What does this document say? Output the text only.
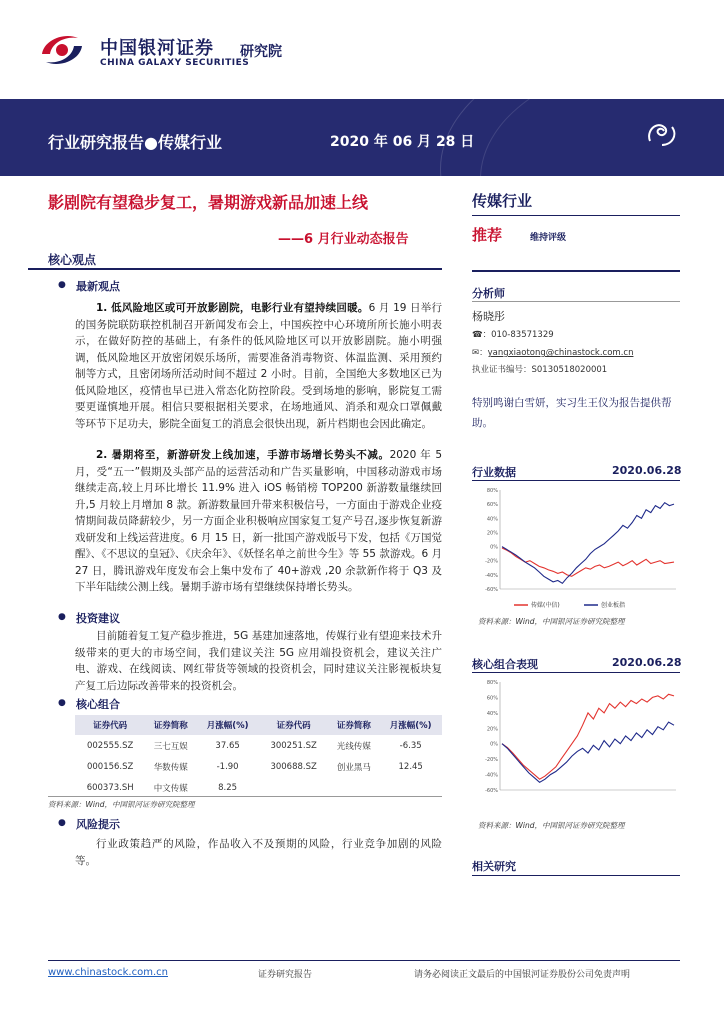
中国银河证券
CHINA GALAXY SECURITIES
研究院
行业研究报告●传媒行业	2020 年 06 月 28 日
影剧院有望稳步复工，暑期游戏新品加速上线
——6 月行业动态报告
核心观点
● 最新观点
1. 低风险地区或可开放影剧院，电影行业有望持续回暖。6 月 19 日举行的国务院联防联控机制召开新闻发布会上，中国疾控中心环境所所长施小明表示，在做好防控的基础上，有条件的低风险地区可以开放影剧院。施小明强调，低风险地区开放密闭娱乐场所，需要准备消毒物资、体温监测、采用预约制等方式，且密闭场所活动时间不超过 2 小时。目前，全国绝大多数地区已为低风险地区，疫情也早已进入常态化防控阶段。受到场地的影响，影院复工需要更谨慎地开展。相信只要根据相关要求，在场地通风、消杀和观众口罩佩戴等环节下足功夫，影院全面复工的消息会很快出现，新片档期也会因此确定。
2. 暑期将至，新游研发上线加速，手游市场增长势头不减。2020 年 5 月，受“五一”假期及头部产品的运营活动和广告买量影响，中国移动游戏市场继续走高,较上月环比增长 11.9% 进入 iOS 畅销榜 TOP200 新游数量继续回升,5 月较上月增加 8 款。新游数量回升带来积极信号，一方面由于游戏企业疫情期间裁员降薪较少，另一方面企业积极响应国家复工复产号召,逐步恢复新游戏研发和上线运营进度。6 月 15 日，新一批国产游戏版号下发，包括《万国觉醒》、《不思议的皇冠》、《庆余年》、《妖怪名单之前世今生》等 55 款游戏。6 月 27 日，腾讯游戏年度发布会上集中发布了 40+游戏 ,20 余款新作将于 Q3 及下半年陆续公测上线。暑期手游市场有望继续保持增长势头。
● 投资建议
目前随着复工复产稳步推进，5G 基建加速落地，传媒行业有望迎来技术升级带来的更大的市场空间，我们建议关注 5G 应用端投资机会，建议关注广电、游戏、在线阅读、网红带货等领域的投资机会，同时建议关注影视板块复产复工后边际改善带来的投资机会。
● 核心组合
证券代码	证券简称	月涨幅(%)	证券代码	证券简称	月涨幅(%)
002555.SZ	三七互娱	37.65	300251.SZ	光线传媒	-6.35
000156.SZ	华数传媒	-1.90	300688.SZ	创业黑马	12.45
600373.SH	中文传媒	8.25			
资料来源：Wind，中国银河证券研究院整理
● 风险提示
行业政策趋严的风险，作品收入不及预期的风险，行业竞争加剧的风险等。
传媒行业
推荐	维持评级
分析师
杨晓彤
☎：010-83571329
✉：yangxiaotong@chinastock.com.cn
执业证书编号：S0130518020001
特别鸣谢白雪妍，实习生王仪为报告提供帮助。
行业数据	2020.06.28
80%
60%
40%
20%
0%
-20%
-40%
-60%
传媒(中信)	创业板指
资料来源：Wind，中国银河证券研究院整理
核心组合表现	2020.06.28
80%
60%
40%
20%
0%
-20%
-40%
-60%
资料来源：Wind，中国银河证券研究院整理
相关研究
www.chinastock.com.cn	证券研究报告	请务必阅读正文最后的中国银河证券股份公司免责声明
